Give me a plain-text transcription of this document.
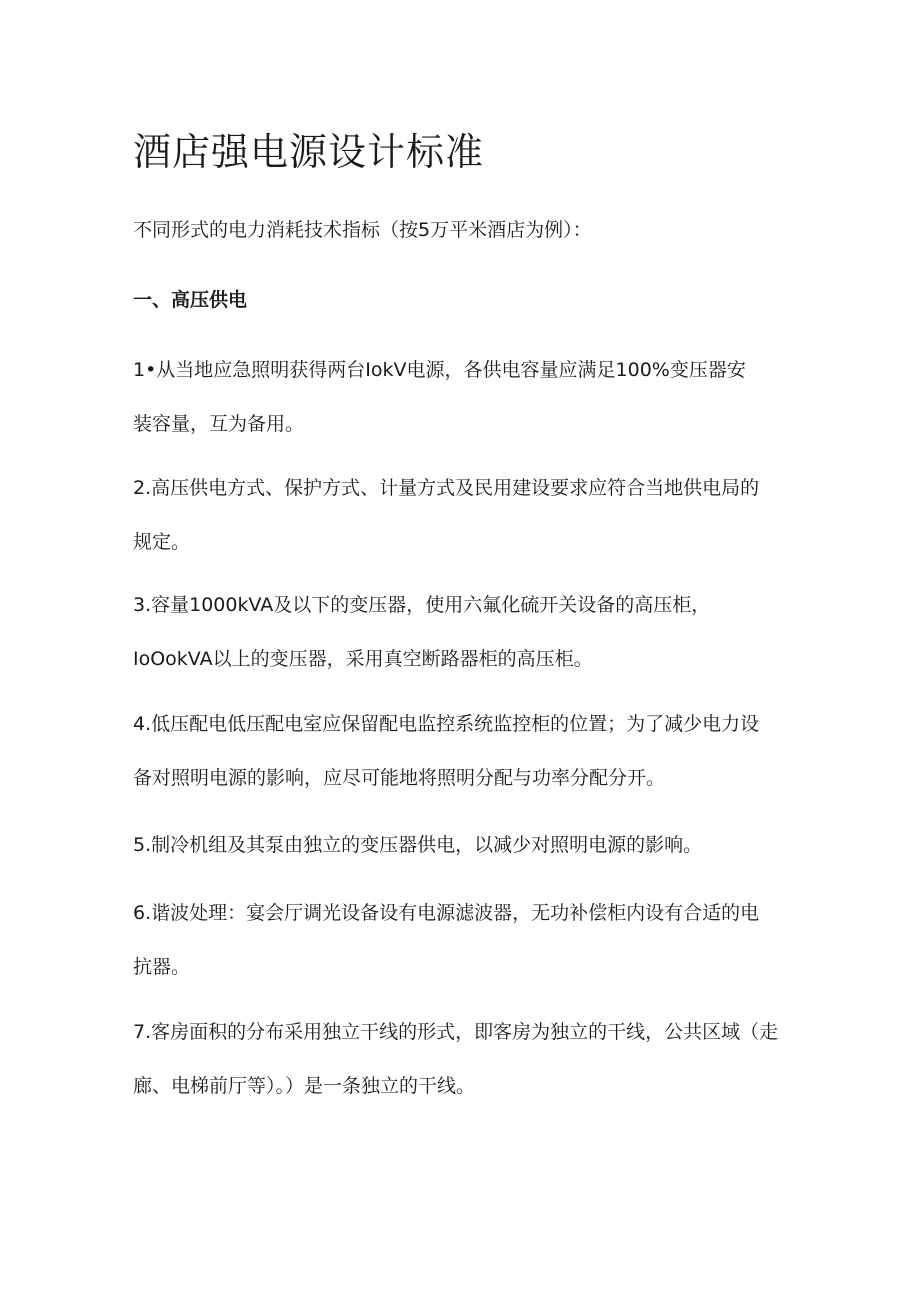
酒店强电源设计标准

不同形式的电力消耗技术指标（按5万平米酒店为例）：

一、高压供电

1•从当地应急照明获得两台IokV电源，各供电容量应满足100%变压器安
装容量，互为备用。

2.高压供电方式、保护方式、计量方式及民用建设要求应符合当地供电局的
规定。

3.容量1000kVA及以下的变压器，使用六氟化硫开关设备的高压柜，
IoOokVA以上的变压器，采用真空断路器柜的高压柜。

4.低压配电低压配电室应保留配电监控系统监控柜的位置；为了减少电力设
备对照明电源的影响，应尽可能地将照明分配与功率分配分开。

5.制冷机组及其泵由独立的变压器供电，以减少对照明电源的影响。

6.谐波处理：宴会厅调光设备设有电源滤波器，无功补偿柜内设有合适的电
抗器。

7.客房面积的分布采用独立干线的形式，即客房为独立的干线，公共区域（走
廊、电梯前厅等）。）是一条独立的干线。
